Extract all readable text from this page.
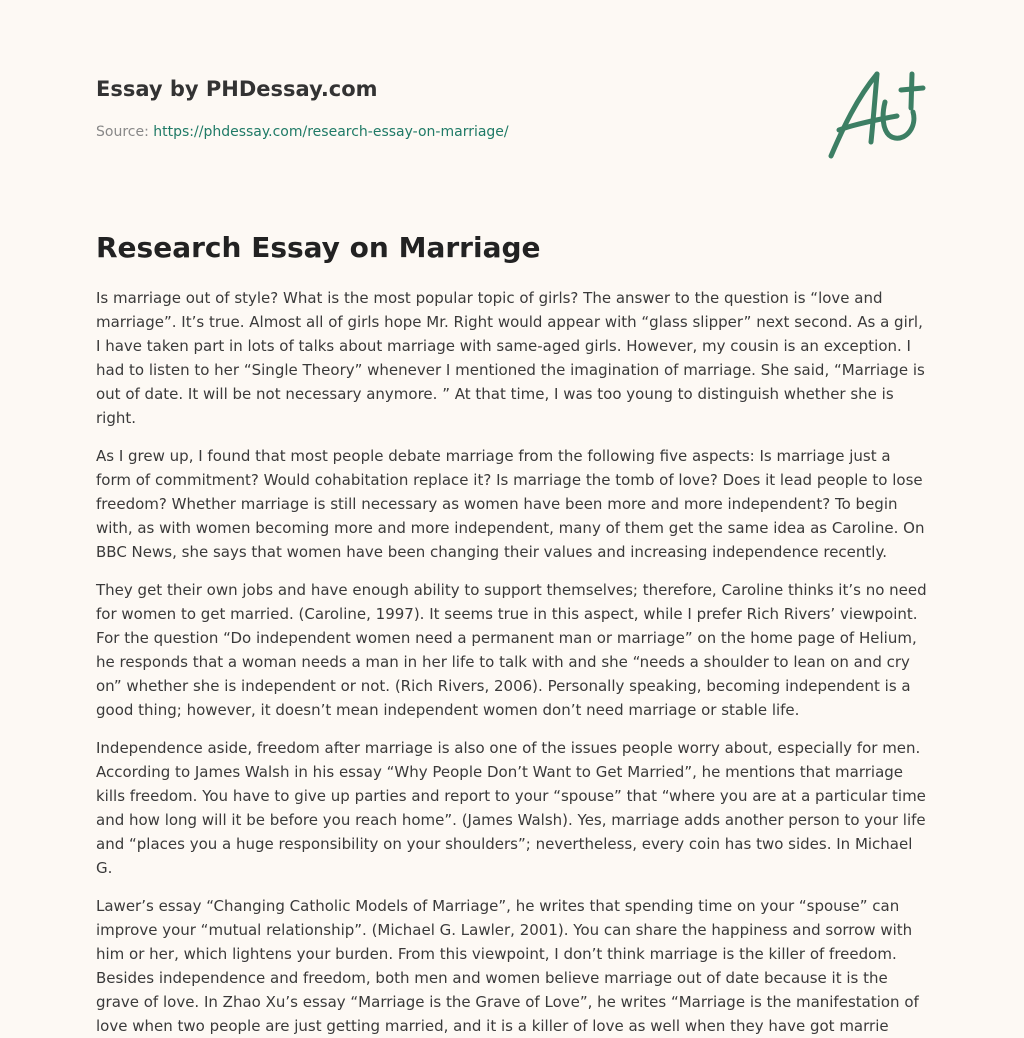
Essay by PHDessay.com
Source: https://phdessay.com/research-essay-on-marriage/
Research Essay on Marriage

Is marriage out of style? What is the most popular topic of girls? The answer to the question is “love and marriage”. It’s true. Almost all of girls hope Mr. Right would appear with “glass slipper” next second. As a girl, I have taken part in lots of talks about marriage with same-aged girls. However, my cousin is an exception. I had to listen to her “Single Theory” whenever I mentioned the imagination of marriage. She said, “Marriage is out of date. It will be not necessary anymore. ” At that time, I was too young to distinguish whether she is right.

As I grew up, I found that most people debate marriage from the following five aspects: Is marriage just a form of commitment? Would cohabitation replace it? Is marriage the tomb of love? Does it lead people to lose freedom? Whether marriage is still necessary as women have been more and more independent? To begin with, as with women becoming more and more independent, many of them get the same idea as Caroline. On BBC News, she says that women have been changing their values and increasing independence recently.

They get their own jobs and have enough ability to support themselves; therefore, Caroline thinks it’s no need for women to get married. (Caroline, 1997). It seems true in this aspect, while I prefer Rich Rivers’ viewpoint. For the question “Do independent women need a permanent man or marriage” on the home page of Helium, he responds that a woman needs a man in her life to talk with and she “needs a shoulder to lean on and cry on” whether she is independent or not. (Rich Rivers, 2006). Personally speaking, becoming independent is a good thing; however, it doesn’t mean independent women don’t need marriage or stable life.

Independence aside, freedom after marriage is also one of the issues people worry about, especially for men. According to James Walsh in his essay “Why People Don’t Want to Get Married”, he mentions that marriage kills freedom. You have to give up parties and report to your “spouse” that “where you are at a particular time and how long will it be before you reach home”. (James Walsh). Yes, marriage adds another person to your life and “places you a huge responsibility on your shoulders”; nevertheless, every coin has two sides. In Michael G.

Lawer’s essay “Changing Catholic Models of Marriage”, he writes that spending time on your “spouse” can improve your “mutual relationship”. (Michael G. Lawler, 2001). You can share the happiness and sorrow with him or her, which lightens your burden. From this viewpoint, I don’t think marriage is the killer of freedom. Besides independence and freedom, both men and women believe marriage out of date because it is the grave of love. In Zhao Xu’s essay “Marriage is the Grave of Love”, he writes “Marriage is the manifestation of love when two people are just getting married, and it is a killer of love as well when they have got marrie
